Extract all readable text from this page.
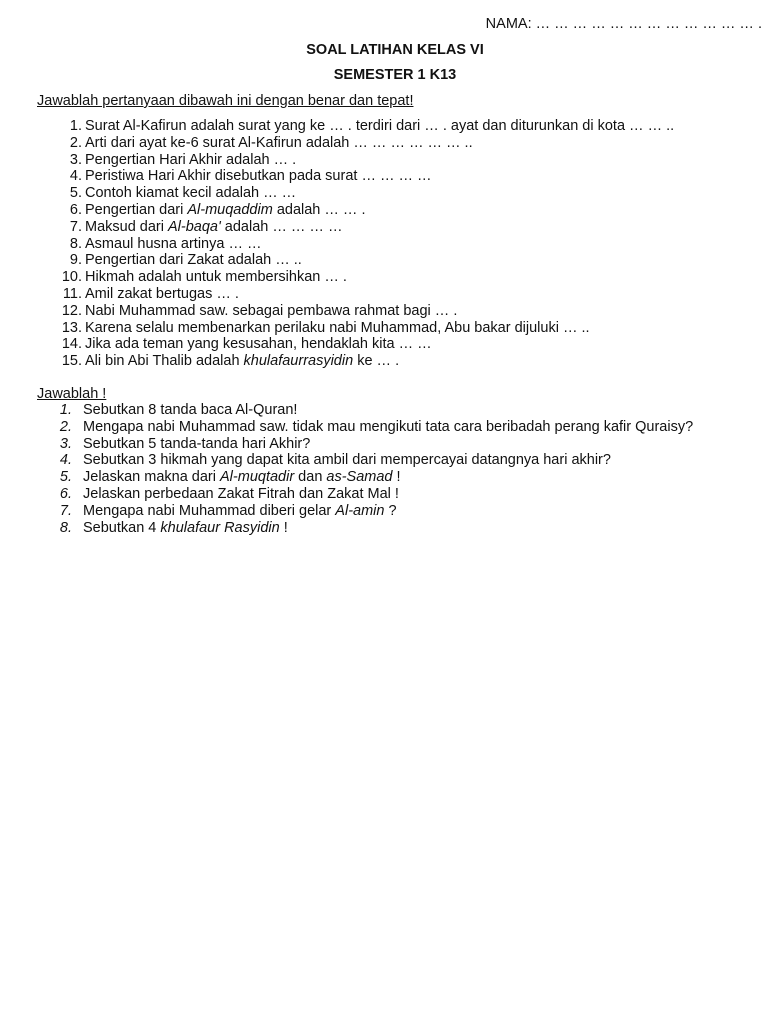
NAMA: … … … … … … … … … … … … .
SOAL LATIHAN KELAS VI
SEMESTER 1 K13
Jawablah pertanyaan dibawah ini dengan benar dan tepat!
1. Surat Al-Kafirun adalah surat yang ke … . terdiri dari … . ayat dan diturunkan di kota … … ..
2. Arti dari ayat ke-6 surat Al-Kafirun adalah … … … … … … ..
3. Pengertian Hari Akhir adalah … .
4. Peristiwa Hari Akhir disebutkan pada surat … … … …
5. Contoh kiamat kecil adalah … …
6. Pengertian dari Al-muqaddim adalah … … .
7. Maksud dari Al-baqa' adalah … … … …
8. Asmaul husna artinya … …
9. Pengertian dari Zakat adalah … ..
10. Hikmah adalah untuk membersihkan … .
11. Amil zakat bertugas … .
12. Nabi Muhammad saw. sebagai pembawa rahmat bagi … .
13. Karena selalu membenarkan perilaku nabi Muhammad, Abu bakar dijuluki … ..
14. Jika ada teman yang kesusahan, hendaklah kita … …
15. Ali bin Abi Thalib adalah khulafaurrasyidin ke … .
Jawablah !
1. Sebutkan 8 tanda baca Al-Quran!
2. Mengapa nabi Muhammad saw. tidak mau mengikuti tata cara beribadah perang kafir Quraisy?
3. Sebutkan 5 tanda-tanda hari Akhir?
4. Sebutkan 3 hikmah yang dapat kita ambil dari mempercayai datangnya hari akhir?
5. Jelaskan makna dari Al-muqtadir dan as-Samad !
6. Jelaskan perbedaan Zakat Fitrah dan Zakat Mal !
7. Mengapa nabi Muhammad diberi gelar Al-amin ?
8. Sebutkan 4 khulafaur Rasyidin !
